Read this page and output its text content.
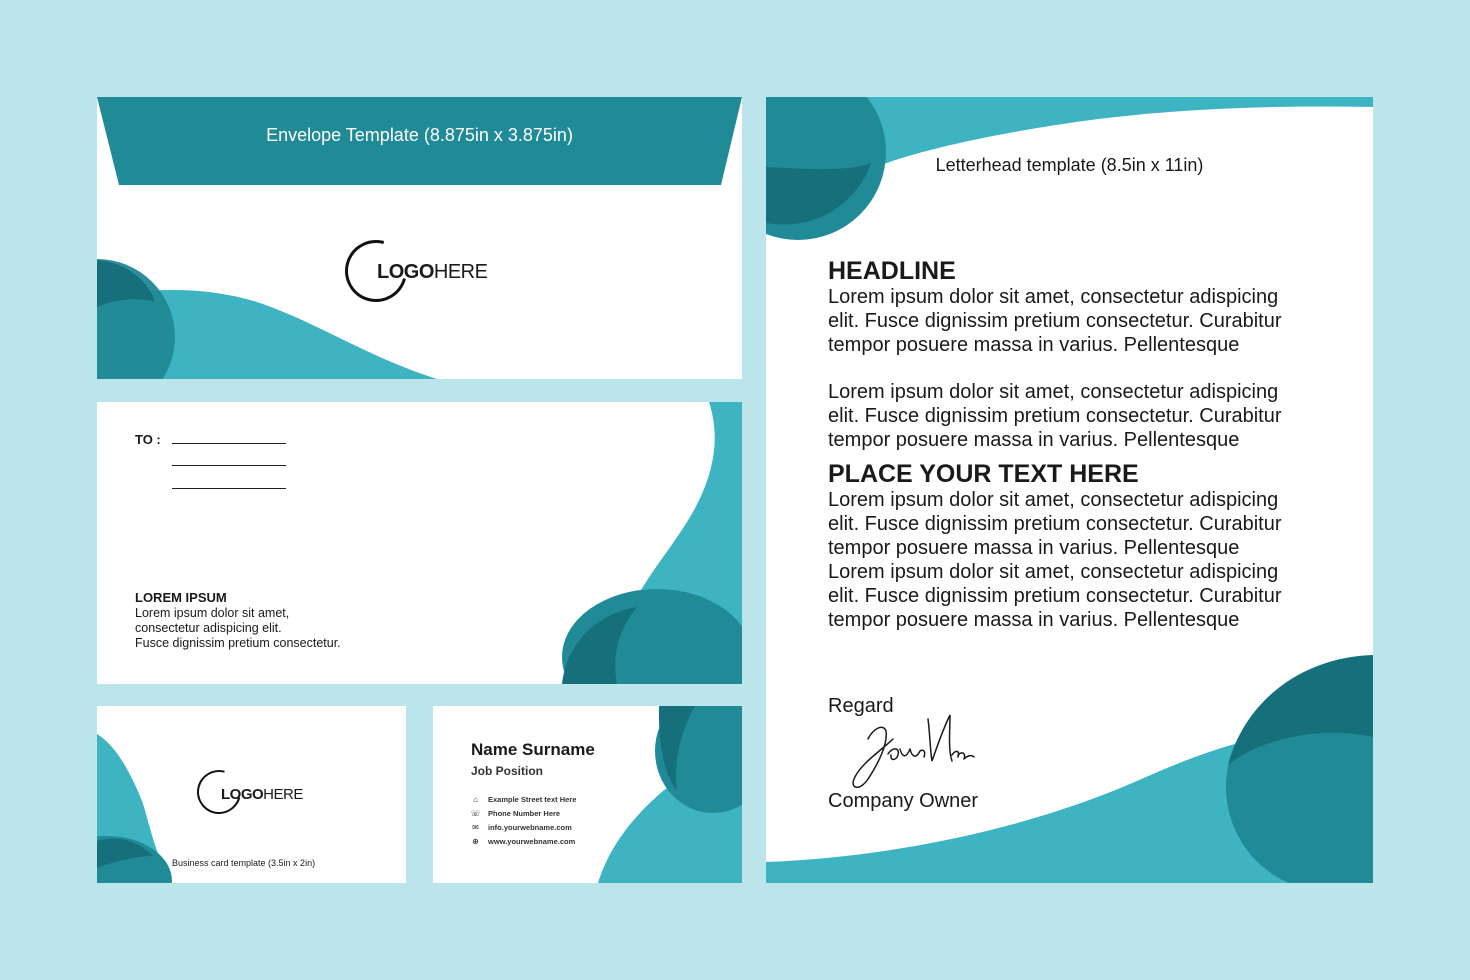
Envelope Template (8.875in x 3.875in)
LOGOHERE
TO :
LOREM IPSUM
Lorem ipsum dolor sit amet,
consectetur adispicing elit.
Fusce dignissim pretium consectetur.
LOGOHERE
Business card template (3.5in x 2in)
Name Surname
Job Position
⌂ Example Street text Here
☏ Phone Number Here
✉ info.yourwebname.com
⊕ www.yourwebname.com
Letterhead template (8.5in x 11in)
HEADLINE

Lorem ipsum dolor sit amet, consectetur adispicing

elit. Fusce dignissim pretium consectetur. Curabitur

tempor posuere massa in varius. Pellentesque

Lorem ipsum dolor sit amet, consectetur adispicing

elit. Fusce dignissim pretium consectetur. Curabitur

tempor posuere massa in varius. Pellentesque

PLACE YOUR TEXT HERE

Lorem ipsum dolor sit amet, consectetur adispicing

elit. Fusce dignissim pretium consectetur. Curabitur

tempor posuere massa in varius. Pellentesque

Lorem ipsum dolor sit amet, consectetur adispicing

elit. Fusce dignissim pretium consectetur. Curabitur

tempor posuere massa in varius. Pellentesque

Regard
Company Owner
